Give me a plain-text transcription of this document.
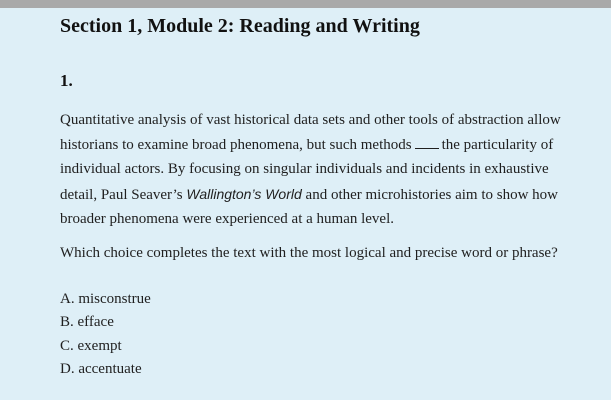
Section 1, Module 2: Reading and Writing
1.
Quantitative analysis of vast historical data sets and other tools of abstraction allow historians to examine broad phenomena, but such methods the particularity of individual actors. By focusing on singular individuals and incidents in exhaustive detail, Paul Seaver’s Wallington’s World and other microhistories aim to show how broader phenomena were experienced at a human level.
Which choice completes the text with the most logical and precise word or phrase?
A. misconstrue
B. efface
C. exempt
D. accentuate
